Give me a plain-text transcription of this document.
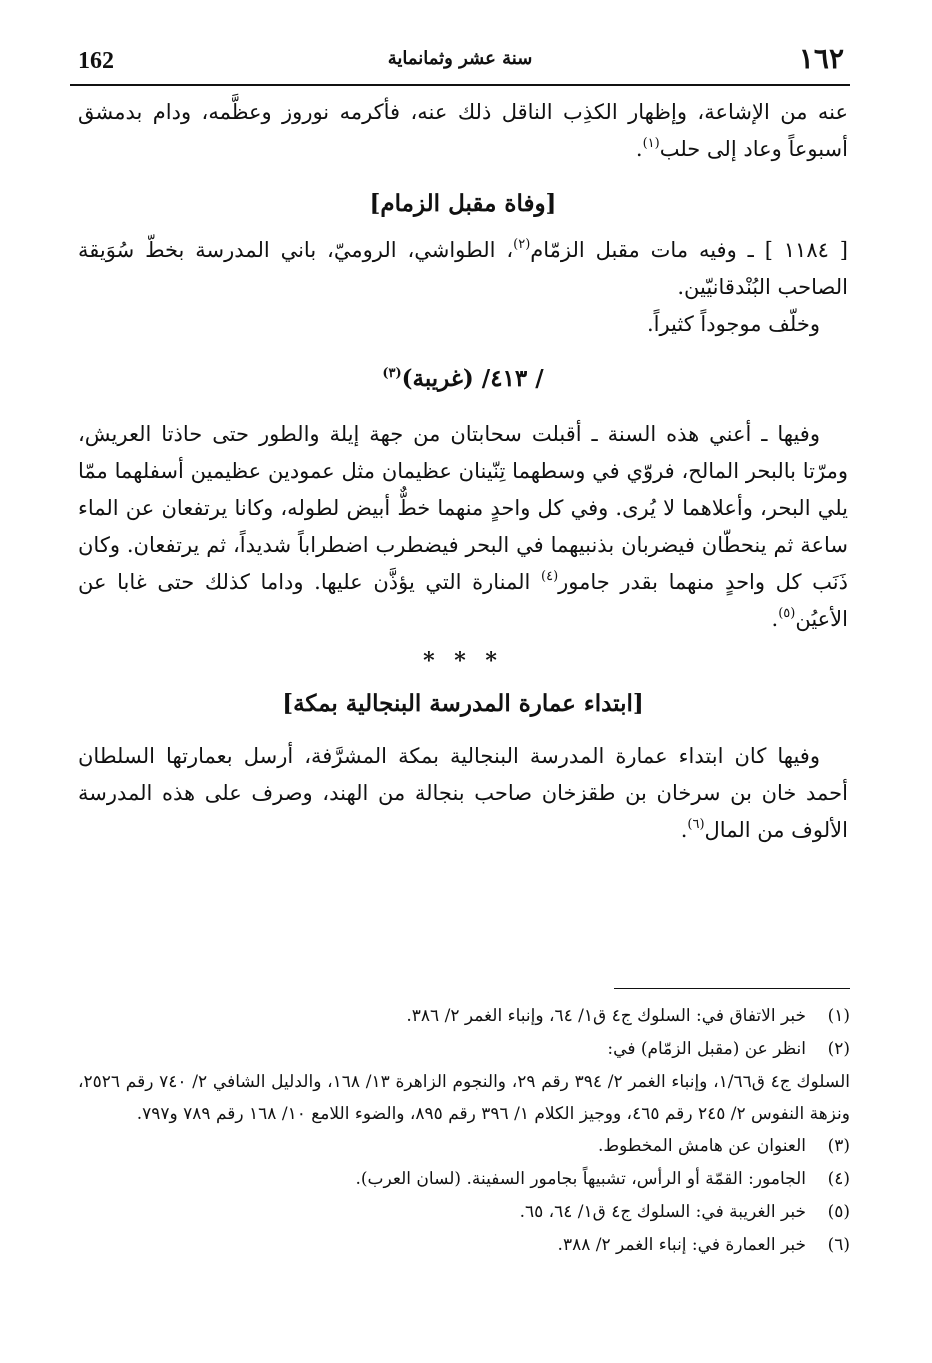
162	سنة عشر وثمانماية	١٦٢

عنه من الإشاعة، وإظهار الكذِب الناقل ذلك عنه، فأكرمه نوروز وعظَّمه، ودام بدمشق أسبوعاً وعاد إلى حلب$^{(١)}$.

[وفاة مقبل الزمام]

[ ١١٨٤ ] ـ وفيه مات مقبل الزمّام$^{(٢)}$، الطواشي، الروميّ، باني المدرسة بخطّ سُوَيقة الصاحب البُنْدقانيّين.

وخلّف موجوداً كثيراً.

/ ٤١٣/ (غريبة)$^{(٣)}$

وفيها ـ أعني هذه السنة ـ أقبلت سحابتان من جهة إيلة والطور حتى حاذتا العريش، ومرّتا بالبحر المالح، فروّي في وسطهما تِنّينان عظيمان مثل عمودين عظيمين أسفلهما ممّا يلي البحر، وأعلاهما لا يُرى. وفي كل واحدٍ منهما خطٌّ أبيض لطوله، وكانا يرتفعان عن الماء ساعة ثم ينحطّان فيضربان بذنبيهما في البحر فيضطرب اضطراباً شديداً، ثم يرتفعان. وكان ذَنَب كل واحدٍ منهما بقدر جامور$^{(٤)}$ المنارة التي يؤذَّن عليها. وداما كذلك حتى غابا عن الأعيُن$^{(٥)}$.

* * *
[ابتداء عمارة المدرسة البنجالية بمكة]

وفيها كان ابتداء عمارة المدرسة البنجالية بمكة المشرَّفة، أرسل بعمارتها السلطان أحمد خان بن سرخان بن طقزخان صاحب بنجالة من الهند، وصرف على هذه المدرسة الألوف من المال$^{(٦)}$.

(١)
خبر الاتفاق في: السلوك ج٤ ق١/ ٦٤، وإنباء الغمر ٢/ ٣٨٦.

(٢)
انظر عن (مقبل الزمّام) في:

السلوك ج٤ ق١/٦٦، وإنباء الغمر ٢/ ٣٩٤ رقم ٢٩، والنجوم الزاهرة ١٣/ ١٦٨، والدليل الشافي ٢/ ٧٤٠ رقم ٢٥٢٦، ونزهة النفوس ٢/ ٢٤٥ رقم ٤٦٥، ووجيز الكلام ١/ ٣٩٦ رقم ٨٩٥، والضوء اللامع ١٠/ ١٦٨ رقم ٧٨٩ و٧٩٧.

(٣)
العنوان عن هامش المخطوط.

(٤)
الجامور: القمّة أو الرأس، تشبيهاً بجامور السفينة. (لسان العرب).

(٥)
خبر الغريبة في: السلوك ج٤ ق١/ ٦٤، ٦٥.

(٦)
خبر العمارة في: إنباء الغمر ٢/ ٣٨٨.
